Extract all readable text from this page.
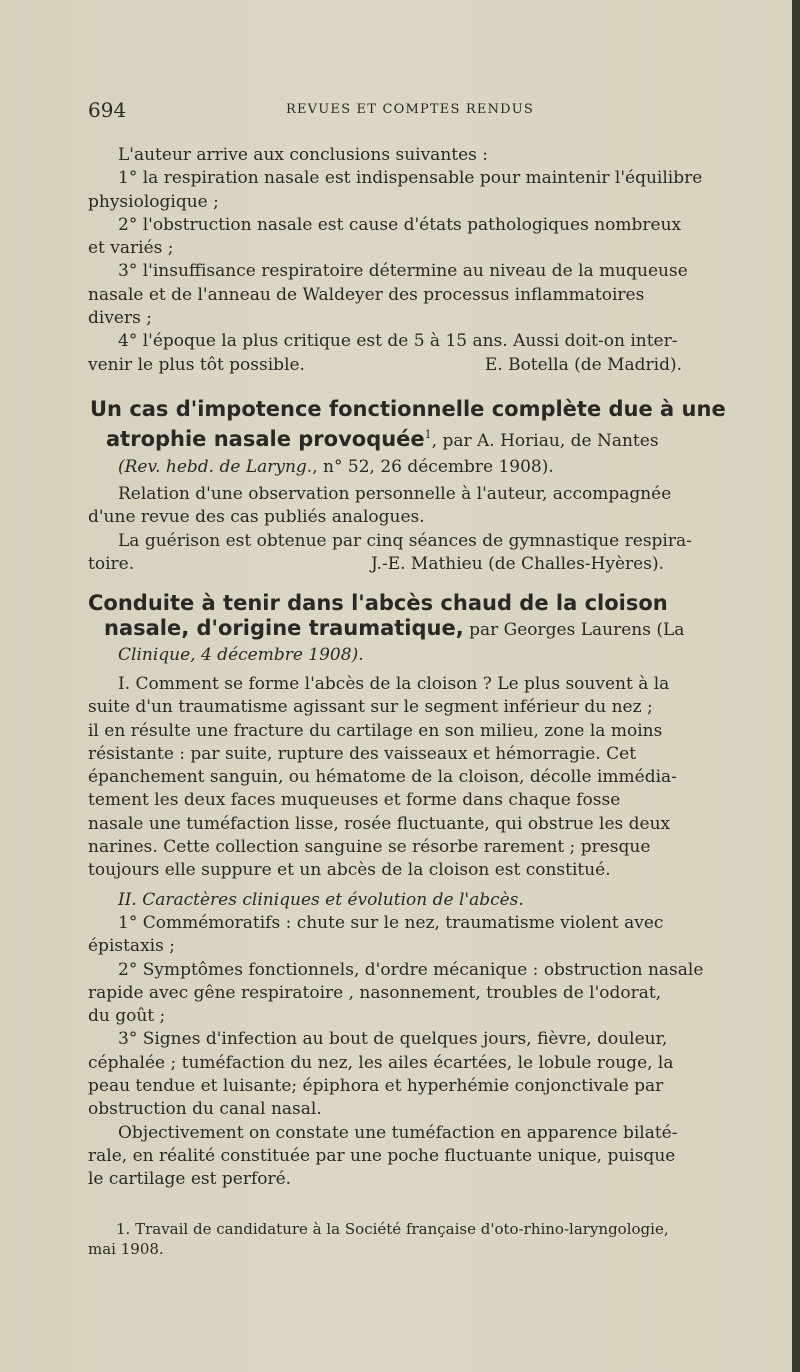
694	REVUES ET COMPTES RENDUS

L'auteur arrive aux conclusions suivantes :

1° la respiration nasale est indispensable pour maintenir l'équilibre

physiologique ;

2° l'obstruction nasale est cause d'états pathologiques nombreux

et variés ;

3° l'insuffisance respiratoire détermine au niveau de la muqueuse

nasale et de l'anneau de Waldeyer des processus inflammatoires

divers ;

4° l'époque la plus critique est de 5 à 15 ans. Aussi doit-on inter-

venir le plus tôt possible.	E. Botella (de Madrid).
Un cas d'impotence fonctionnelle complète due à une
atrophie nasale provoquée$^1$, par A. Horiau, de Nantes
(Rev. hebd. de Laryng., n° 52, 26 décembre 1908).

Relation d'une observation personnelle à l'auteur, accompagnée

d'une revue des cas publiés analogues.

La guérison est obtenue par cinq séances de gymnastique respira-

toire.	J.-E. Mathieu (de Challes-Hyères).
Conduite à tenir dans l'abcès chaud de la cloison
nasale, d'origine traumatique, par Georges Laurens (La
Clinique, 4 décembre 1908).

I. Comment se forme l'abcès de la cloison ? Le plus souvent à la

suite d'un traumatisme agissant sur le segment inférieur du nez ;

il en résulte une fracture du cartilage en son milieu, zone la moins

résistante : par suite, rupture des vaisseaux et hémorragie. Cet

épanchement sanguin, ou hématome de la cloison, décolle immédia-

tement les deux faces muqueuses et forme dans chaque fosse

nasale une tuméfaction lisse, rosée fluctuante, qui obstrue les deux

narines. Cette collection sanguine se résorbe rarement ; presque

toujours elle suppure et un abcès de la cloison est constitué.

II. Caractères cliniques et évolution de l'abcès.

1° Commémoratifs : chute sur le nez, traumatisme violent avec

épistaxis ;

2° Symptômes fonctionnels, d'ordre mécanique : obstruction nasale

rapide avec gêne respiratoire , nasonnement, troubles de l'odorat,

du goût ;

3° Signes d'infection au bout de quelques jours, fièvre, douleur,

céphalée ; tuméfaction du nez, les ailes écartées, le lobule rouge, la

peau tendue et luisante; épiphora et hyperhémie conjonctivale par

obstruction du canal nasal.

Objectivement on constate une tuméfaction en apparence bilaté-

rale, en réalité constituée par une poche fluctuante unique, puisque

le cartilage est perforé.

1. Travail de candidature à la Société française d'oto-rhino-laryngologie,

mai 1908.
